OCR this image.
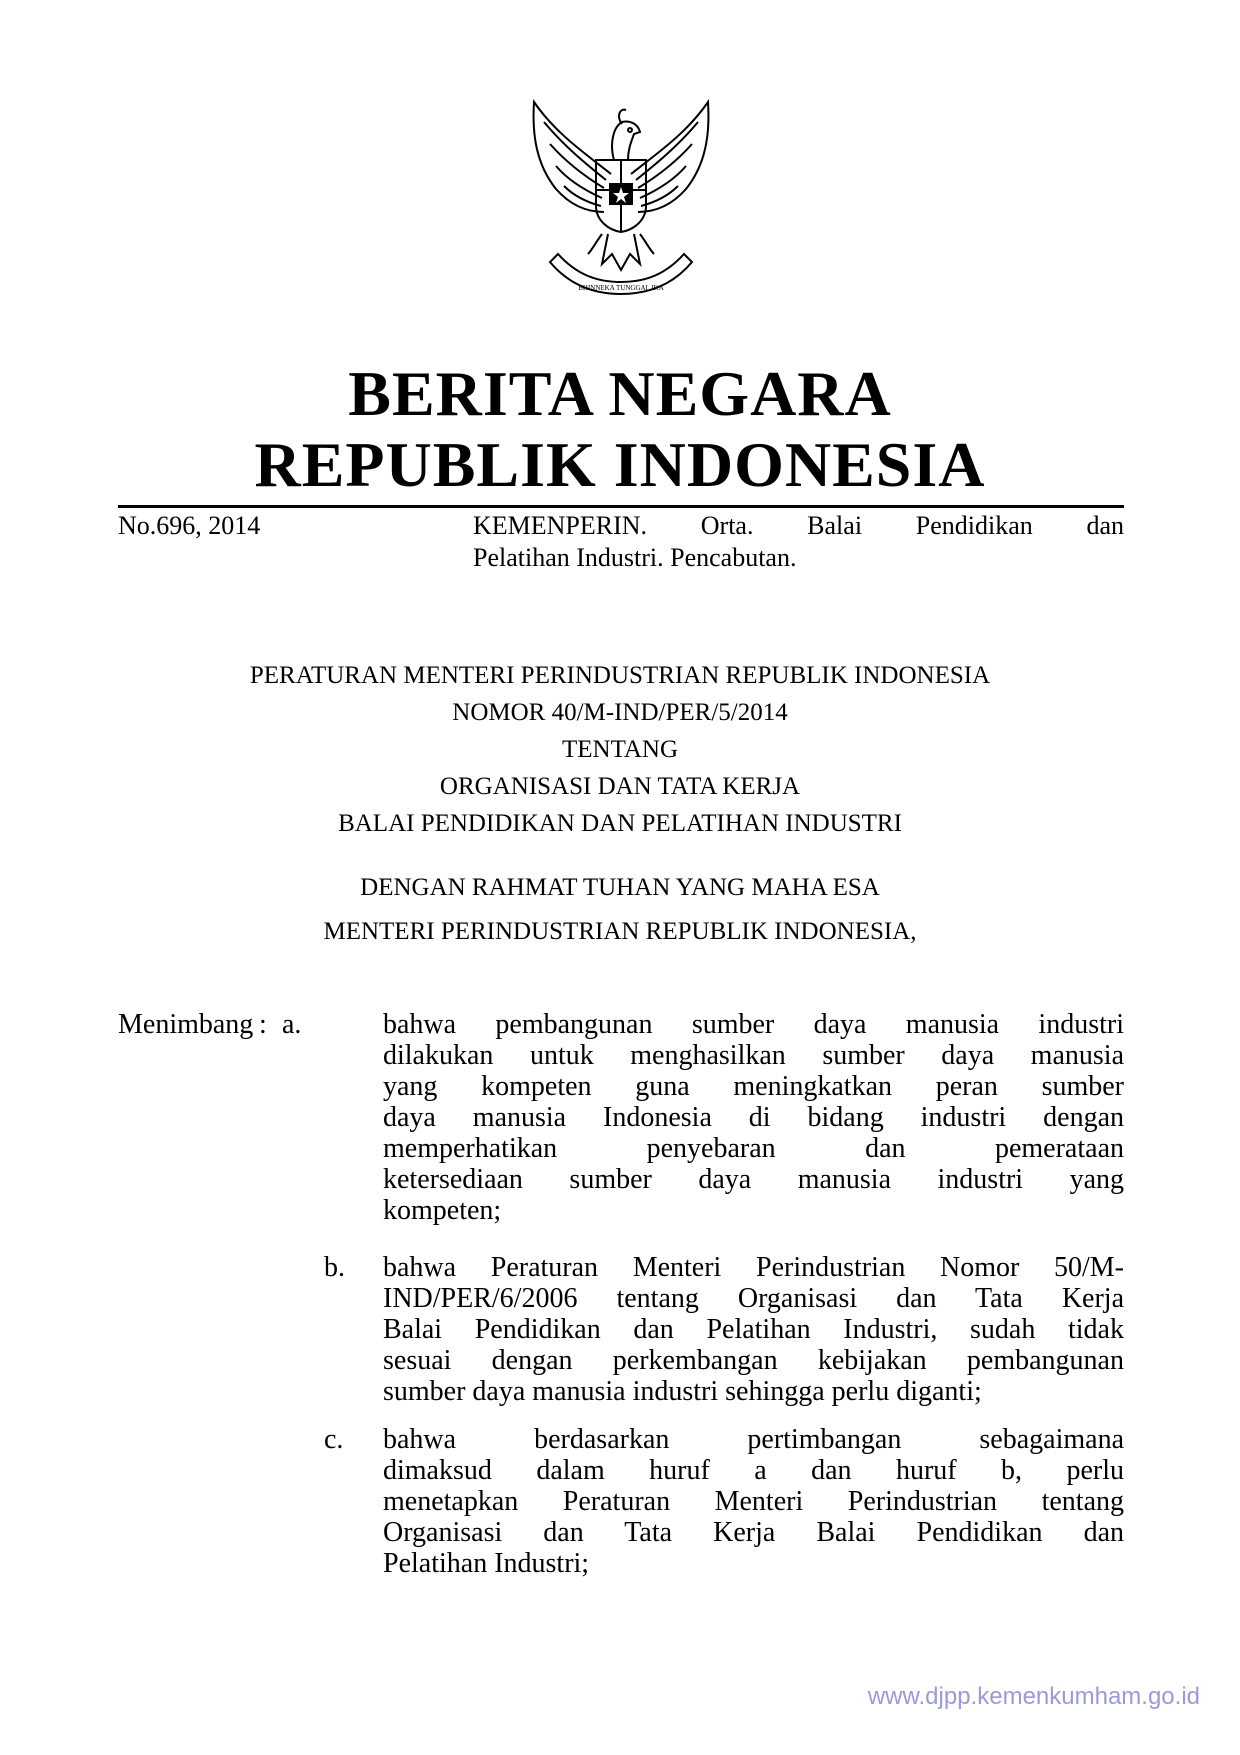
BHINNEKA TUNGGAL IKA
BERITA NEGARA
REPUBLIK INDONESIA
No.696, 2014	KEMENPERIN. Orta. Balai Pendidikan dan
Pelatihan Industri. Pencabutan.
PERATURAN MENTERI PERINDUSTRIAN REPUBLIK INDONESIA
NOMOR 40/M-IND/PER/5/2014
TENTANG
ORGANISASI DAN TATA KERJA
BALAI PENDIDIKAN DAN PELATIHAN INDUSTRI
DENGAN RAHMAT TUHAN YANG MAHA ESA
MENTERI PERINDUSTRIAN REPUBLIK INDONESIA,
Menimbang : a.	bahwa pembangunan sumber daya manusia industri
dilakukan untuk menghasilkan sumber daya manusia
yang kompeten guna meningkatkan peran sumber
daya manusia Indonesia di bidang industri dengan
memperhatikan penyebaran dan pemerataan
ketersediaan sumber daya manusia industri yang
kompeten;
b. bahwa Peraturan Menteri Perindustrian Nomor 50/M-
IND/PER/6/2006 tentang Organisasi dan Tata Kerja
Balai Pendidikan dan Pelatihan Industri, sudah tidak
sesuai dengan perkembangan kebijakan pembangunan
sumber daya manusia industri sehingga perlu diganti;
c. bahwa berdasarkan pertimbangan sebagaimana
dimaksud dalam huruf a dan huruf b, perlu
menetapkan Peraturan Menteri Perindustrian tentang
Organisasi dan Tata Kerja Balai Pendidikan dan
Pelatihan Industri;
www.djpp.kemenkumham.go.id
